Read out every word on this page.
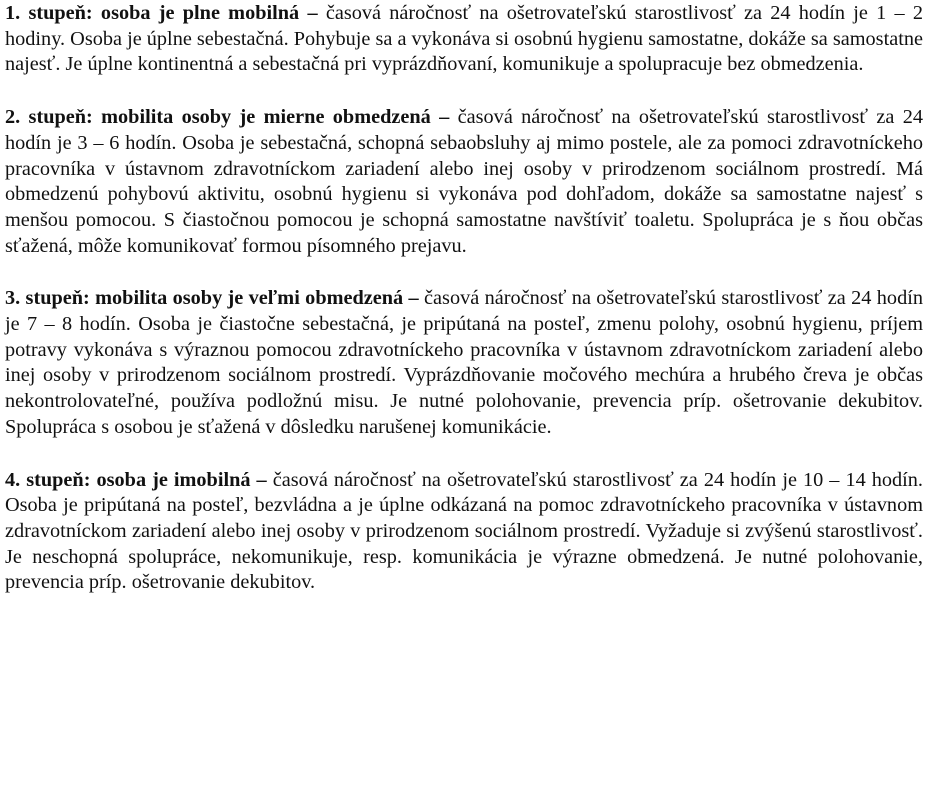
1. stupeň: osoba je plne mobilná – časová náročnosť na ošetrovateľskú starostlivosť za 24 hodín je 1 – 2 hodiny. Osoba je úplne sebestačná. Pohybuje sa a vykonáva si osobnú hygienu samostatne, dokáže sa samostatne najesť. Je úplne kontinentná a sebestačná pri vyprázdňovaní, komunikuje a spolupracuje bez obmedzenia.

2. stupeň: mobilita osoby je mierne obmedzená – časová náročnosť na ošetrovateľskú starostlivosť za 24 hodín je 3 – 6 hodín. Osoba je sebestačná, schopná sebaobsluhy aj mimo postele, ale za pomoci zdravotníckeho pracovníka v ústavnom zdravotníckom zariadení alebo inej osoby v prirodzenom sociálnom prostredí. Má obmedzenú pohybovú aktivitu, osobnú hygienu si vykonáva pod dohľadom, dokáže sa samostatne najesť s menšou pomocou. S čiastočnou pomocou je schopná samostatne navštíviť toaletu. Spolupráca je s ňou občas sťažená, môže komunikovať formou písomného prejavu.

3. stupeň: mobilita osoby je veľmi obmedzená – časová náročnosť na ošetrovateľskú starostlivosť za 24 hodín je 7 – 8 hodín. Osoba je čiastočne sebestačná, je pripútaná na posteľ, zmenu polohy, osobnú hygienu, príjem potravy vykonáva s výraznou pomocou zdravotníckeho pracovníka v ústavnom zdravotníckom zariadení alebo inej osoby v prirodzenom sociálnom prostredí. Vyprázdňovanie močového mechúra a hrubého čreva je občas nekontrolovateľné, používa podložnú misu. Je nutné polohovanie, prevencia príp. ošetrovanie dekubitov. Spolupráca s osobou je sťažená v dôsledku narušenej komunikácie.

4. stupeň: osoba je imobilná – časová náročnosť na ošetrovateľskú starostlivosť za 24 hodín je 10 – 14 hodín. Osoba je pripútaná na posteľ, bezvládna a je úplne odkázaná na pomoc zdravotníckeho pracovníka v ústavnom zdravotníckom zariadení alebo inej osoby v prirodzenom sociálnom prostredí. Vyžaduje si zvýšenú starostlivosť. Je neschopná spolupráce, nekomunikuje, resp. komunikácia je výrazne obmedzená. Je nutné polohovanie, prevencia príp. ošetrovanie dekubitov.
